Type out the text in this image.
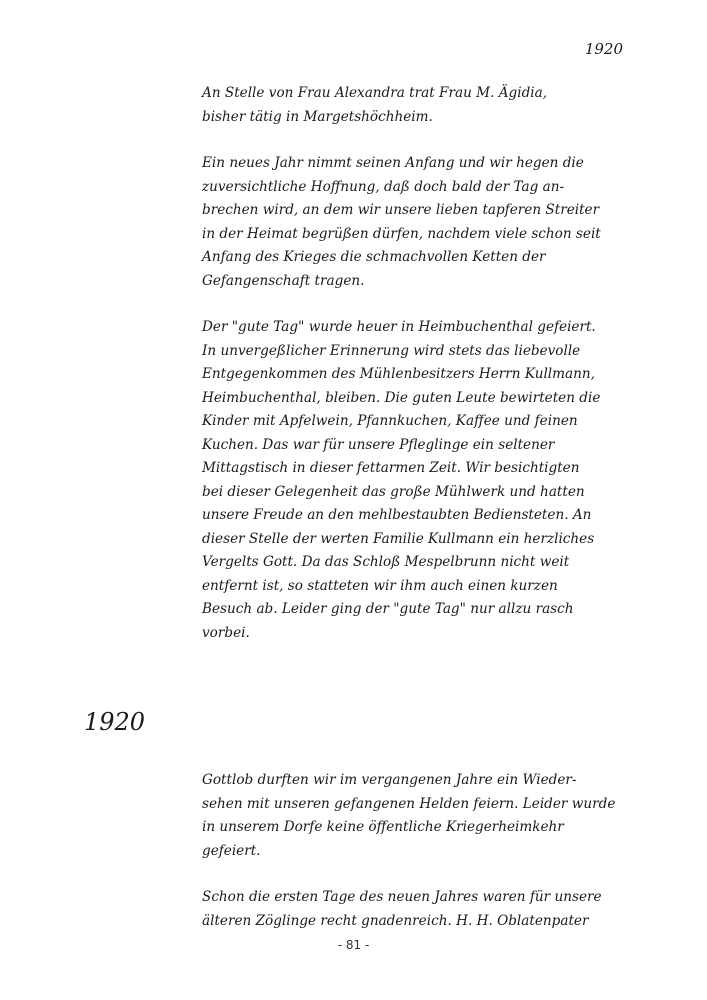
1920
An Stelle von Frau Alexandra trat Frau M. Ägidia,
bisher tätig in Margetshöchheim.
Ein neues Jahr nimmt seinen Anfang und wir hegen die
zuversichtliche Hoffnung, daß doch bald der Tag an-
brechen wird, an dem wir unsere lieben tapferen Streiter
in der Heimat begrüßen dürfen, nachdem viele schon seit
Anfang des Krieges die schmachvollen Ketten der
Gefangenschaft tragen.
Der "gute Tag" wurde heuer in Heimbuchenthal gefeiert.
In unvergeßlicher Erinnerung wird stets das liebevolle
Entgegenkommen des Mühlenbesitzers Herrn Kullmann,
Heimbuchenthal, bleiben. Die guten Leute bewirteten die
Kinder mit Apfelwein, Pfannkuchen, Kaffee und feinen
Kuchen. Das war für unsere Pfleglinge ein seltener
Mittagstisch in dieser fettarmen Zeit. Wir besichtigten
bei dieser Gelegenheit das große Mühlwerk und hatten
unsere Freude an den mehlbestaubten Bediensteten. An
dieser Stelle der werten Familie Kullmann ein herzliches
Vergelts Gott. Da das Schloß Mespelbrunn nicht weit
entfernt ist, so statteten wir ihm auch einen kurzen
Besuch ab. Leider ging der "gute Tag" nur allzu rasch
vorbei.
1920
Gottlob durften wir im vergangenen Jahre ein Wieder-
sehen mit unseren gefangenen Helden feiern. Leider wurde
in unserem Dorfe keine öffentliche Kriegerheimkehr
gefeiert.
Schon die ersten Tage des neuen Jahres waren für unsere
älteren Zöglinge recht gnadenreich. H. H. Oblatenpater
- 81 -
